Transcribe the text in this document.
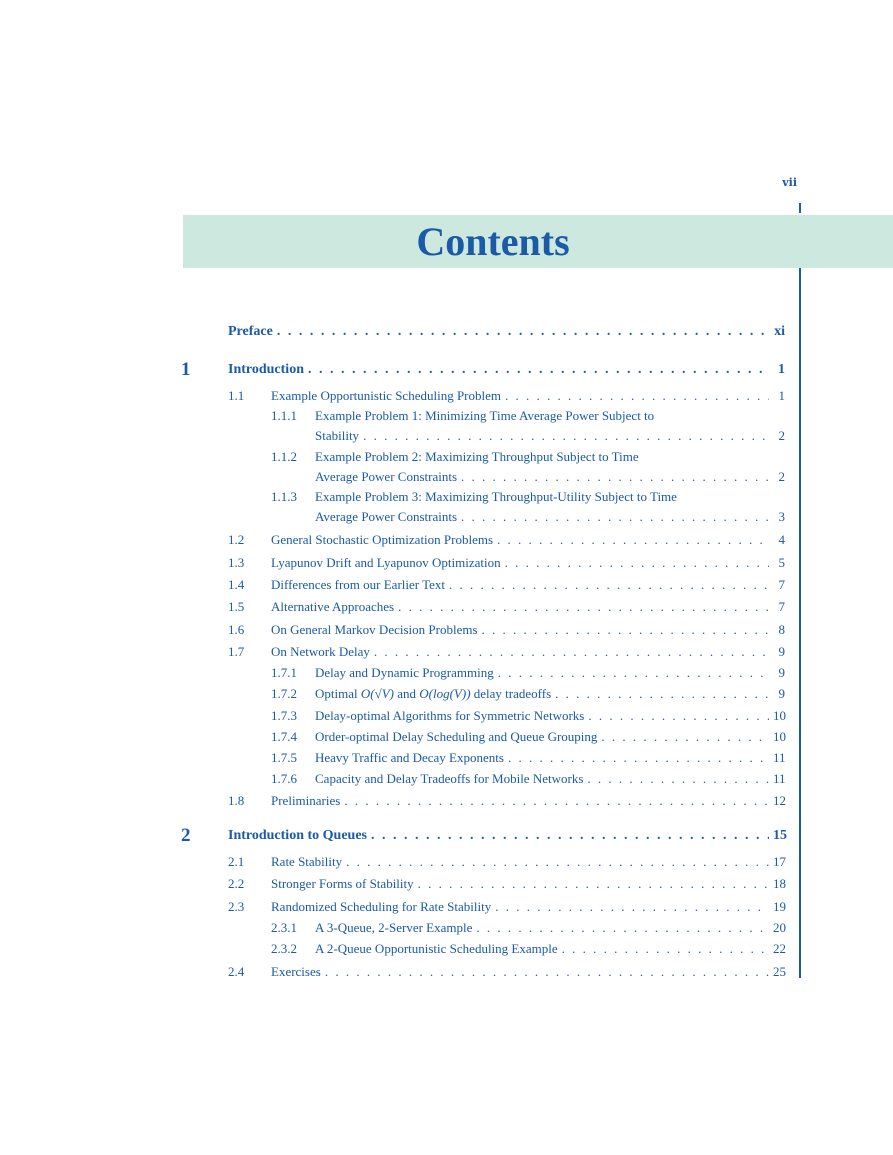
vii
Contents
Preface . . .	xi
1	Introduction . . .	1
1.1 Example Opportunistic Scheduling Problem . . .	1
1.1.1 Example Problem 1: Minimizing Time Average Power Subject to
Stability . . .	2
1.1.2 Example Problem 2: Maximizing Throughput Subject to Time
Average Power Constraints . . .	2
1.1.3 Example Problem 3: Maximizing Throughput-Utility Subject to Time
Average Power Constraints . . .	3
1.2 General Stochastic Optimization Problems . . .	4
1.3 Lyapunov Drift and Lyapunov Optimization . . .	5
1.4 Differences from our Earlier Text . . .	7
1.5 Alternative Approaches . . .	7
1.6 On General Markov Decision Problems . . .	8
1.7 On Network Delay . . .	9
1.7.1 Delay and Dynamic Programming . . .	9
1.7.2 Optimal O(√V) and O(log(V)) delay tradeoffs . . .	9
1.7.3 Delay-optimal Algorithms for Symmetric Networks . . .	10
1.7.4 Order-optimal Delay Scheduling and Queue Grouping . . .	10
1.7.5 Heavy Traffic and Decay Exponents . . .	11
1.7.6 Capacity and Delay Tradeoffs for Mobile Networks . . .	11
1.8 Preliminaries . . .	12
2	Introduction to Queues . . .	15
2.1 Rate Stability . . .	17
2.2 Stronger Forms of Stability . . .	18
2.3 Randomized Scheduling for Rate Stability . . .	19
2.3.1 A 3-Queue, 2-Server Example . . .	20
2.3.2 A 2-Queue Opportunistic Scheduling Example . . .	22
2.4 Exercises . . .	25
